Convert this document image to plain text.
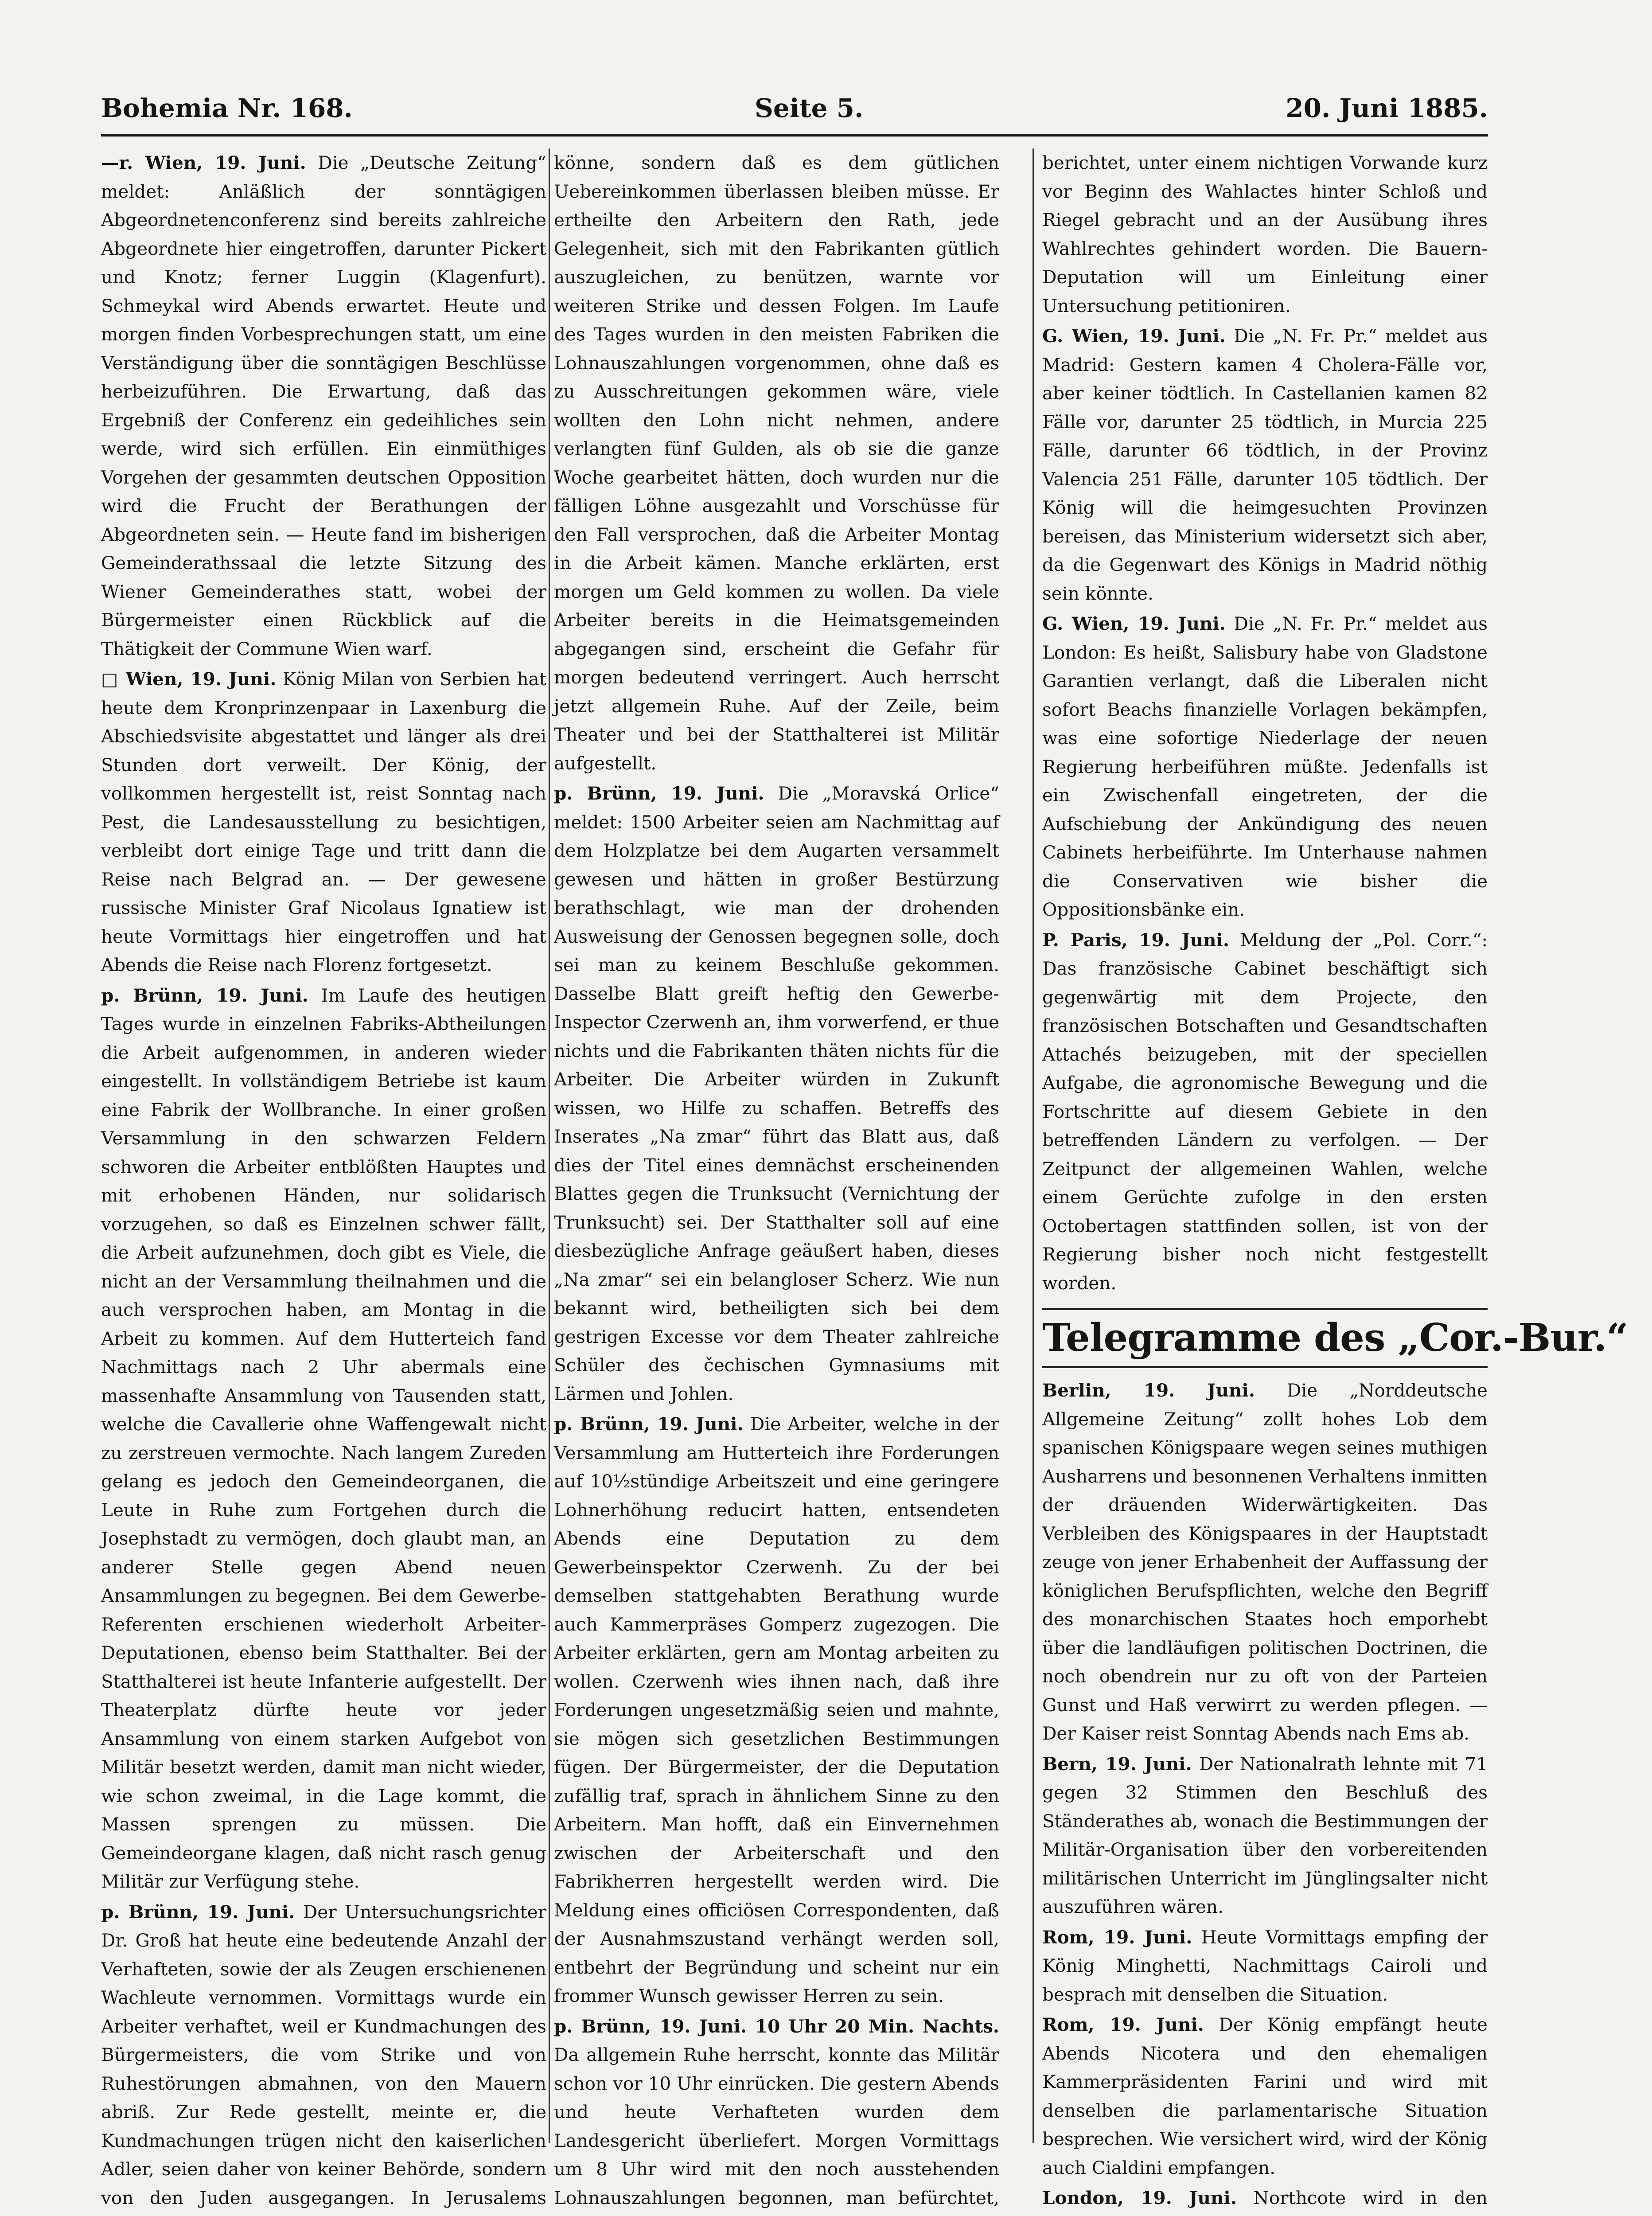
Bohemia Nr. 168.	Seite 5.	20. Juni 1885.

—r. Wien, 19. Juni. Die „Deutsche Zeitung“ meldet: Anläßlich der sonntägigen Abgeordnetenconferenz sind bereits zahlreiche Abgeordnete hier eingetroffen, darunter Pickert und Knotz; ferner Luggin (Klagenfurt). Schmeykal wird Abends erwartet. Heute und morgen finden Vorbesprechungen statt, um eine Verständigung über die sonntägigen Beschlüsse herbeizuführen. Die Erwartung, daß das Ergebniß der Conferenz ein gedeihliches sein werde, wird sich erfüllen. Ein einmüthiges Vorgehen der gesammten deutschen Opposition wird die Frucht der Berathungen der Abgeordneten sein. — Heute fand im bisherigen Gemeinderathssaal die letzte Sitzung des Wiener Gemeinderathes statt, wobei der Bürgermeister einen Rückblick auf die Thätigkeit der Commune Wien warf.

□ Wien, 19. Juni. König Milan von Serbien hat heute dem Kronprinzenpaar in Laxenburg die Abschiedsvisite abgestattet und länger als drei Stunden dort verweilt. Der König, der vollkommen hergestellt ist, reist Sonntag nach Pest, die Landesausstellung zu besichtigen, verbleibt dort einige Tage und tritt dann die Reise nach Belgrad an. — Der gewesene russische Minister Graf Nicolaus Ignatiew ist heute Vormittags hier eingetroffen und hat Abends die Reise nach Florenz fortgesetzt.

p. Brünn, 19. Juni. Im Laufe des heutigen Tages wurde in einzelnen Fabriks-Abtheilungen die Arbeit aufgenommen, in anderen wieder eingestellt. In vollständigem Betriebe ist kaum eine Fabrik der Wollbranche. In einer großen Versammlung in den schwarzen Feldern schworen die Arbeiter entblößten Hauptes und mit erhobenen Händen, nur solidarisch vorzugehen, so daß es Einzelnen schwer fällt, die Arbeit aufzunehmen, doch gibt es Viele, die nicht an der Versammlung theilnahmen und die auch versprochen haben, am Montag in die Arbeit zu kommen. Auf dem Hutterteich fand Nachmittags nach 2 Uhr abermals eine massenhafte Ansammlung von Tausenden statt, welche die Cavallerie ohne Waffengewalt nicht zu zerstreuen vermochte. Nach langem Zureden gelang es jedoch den Gemeindeorganen, die Leute in Ruhe zum Fortgehen durch die Josephstadt zu vermögen, doch glaubt man, an anderer Stelle gegen Abend neuen Ansammlungen zu begegnen. Bei dem Gewerbe-Referenten erschienen wiederholt Arbeiter-Deputationen, ebenso beim Statthalter. Bei der Statthalterei ist heute Infanterie aufgestellt. Der Theaterplatz dürfte heute vor jeder Ansammlung von einem starken Aufgebot von Militär besetzt werden, damit man nicht wieder, wie schon zweimal, in die Lage kommt, die Massen sprengen zu müssen. Die Gemeindeorgane klagen, daß nicht rasch genug Militär zur Verfügung stehe.

p. Brünn, 19. Juni. Der Untersuchungsrichter Dr. Groß hat heute eine bedeutende Anzahl der Verhafteten, sowie der als Zeugen erschienenen Wachleute vernommen. Vormittags wurde ein Arbeiter verhaftet, weil er Kundmachungen des Bürgermeisters, die vom Strike und von Ruhestörungen abmahnen, von den Mauern abriß. Zur Rede gestellt, meinte er, die Kundmachungen trügen nicht den kaiserlichen Adler, seien daher von keiner Behörde, sondern von den Juden ausgegangen. In Jerusalems

könne, sondern daß es dem gütlichen Uebereinkommen überlassen bleiben müsse. Er ertheilte den Arbeitern den Rath, jede Gelegenheit, sich mit den Fabrikanten gütlich auszugleichen, zu benützen, warnte vor weiteren Strike und dessen Folgen. Im Laufe des Tages wurden in den meisten Fabriken die Lohnauszahlungen vorgenommen, ohne daß es zu Ausschreitungen gekommen wäre, viele wollten den Lohn nicht nehmen, andere verlangten fünf Gulden, als ob sie die ganze Woche gearbeitet hätten, doch wurden nur die fälligen Löhne ausgezahlt und Vorschüsse für den Fall versprochen, daß die Arbeiter Montag in die Arbeit kämen. Manche erklärten, erst morgen um Geld kommen zu wollen. Da viele Arbeiter bereits in die Heimatsgemeinden abgegangen sind, erscheint die Gefahr für morgen bedeutend verringert. Auch herrscht jetzt allgemein Ruhe. Auf der Zeile, beim Theater und bei der Statthalterei ist Militär aufgestellt.

p. Brünn, 19. Juni. Die „Moravská Orlice“ meldet: 1500 Arbeiter seien am Nachmittag auf dem Holzplatze bei dem Augarten versammelt gewesen und hätten in großer Bestürzung berathschlagt, wie man der drohenden Ausweisung der Genossen begegnen solle, doch sei man zu keinem Beschluße gekommen. Dasselbe Blatt greift heftig den Gewerbe-Inspector Czerwenh an, ihm vorwerfend, er thue nichts und die Fabrikanten thäten nichts für die Arbeiter. Die Arbeiter würden in Zukunft wissen, wo Hilfe zu schaffen. Betreffs des Inserates „Na zmar“ führt das Blatt aus, daß dies der Titel eines demnächst erscheinenden Blattes gegen die Trunksucht (Vernichtung der Trunksucht) sei. Der Statthalter soll auf eine diesbezügliche Anfrage geäußert haben, dieses „Na zmar“ sei ein belangloser Scherz. Wie nun bekannt wird, betheiligten sich bei dem gestrigen Excesse vor dem Theater zahlreiche Schüler des čechischen Gymnasiums mit Lärmen und Johlen.

p. Brünn, 19. Juni. Die Arbeiter, welche in der Versammlung am Hutterteich ihre Forderungen auf 10½stündige Arbeitszeit und eine geringere Lohnerhöhung reducirt hatten, entsendeten Abends eine Deputation zu dem Gewerbeinspektor Czerwenh. Zu der bei demselben stattgehabten Berathung wurde auch Kammerpräses Gomperz zugezogen. Die Arbeiter erklärten, gern am Montag arbeiten zu wollen. Czerwenh wies ihnen nach, daß ihre Forderungen ungesetzmäßig seien und mahnte, sie mögen sich gesetzlichen Bestimmungen fügen. Der Bürgermeister, der die Deputation zufällig traf, sprach in ähnlichem Sinne zu den Arbeitern. Man hofft, daß ein Einvernehmen zwischen der Arbeiterschaft und den Fabrikherren hergestellt werden wird. Die Meldung eines officiösen Correspondenten, daß der Ausnahmszustand verhängt werden soll, entbehrt der Begründung und scheint nur ein frommer Wunsch gewisser Herren zu sein.

p. Brünn, 19. Juni. 10 Uhr 20 Min. Nachts. Da allgemein Ruhe herrscht, konnte das Militär schon vor 10 Uhr einrücken. Die gestern Abends und heute Verhafteten wurden dem Landesgericht überliefert. Morgen Vormittags um 8 Uhr wird mit den noch ausstehenden Lohnauszahlungen begonnen, man befürchtet,

berichtet, unter einem nichtigen Vorwande kurz vor Beginn des Wahlactes hinter Schloß und Riegel gebracht und an der Ausübung ihres Wahlrechtes gehindert worden. Die Bauern-Deputation will um Einleitung einer Untersuchung petitioniren.

G. Wien, 19. Juni. Die „N. Fr. Pr.“ meldet aus Madrid: Gestern kamen 4 Cholera-Fälle vor, aber keiner tödtlich. In Castellanien kamen 82 Fälle vor, darunter 25 tödtlich, in Murcia 225 Fälle, darunter 66 tödtlich, in der Provinz Valencia 251 Fälle, darunter 105 tödtlich. Der König will die heimgesuchten Provinzen bereisen, das Ministerium widersetzt sich aber, da die Gegenwart des Königs in Madrid nöthig sein könnte.

G. Wien, 19. Juni. Die „N. Fr. Pr.“ meldet aus London: Es heißt, Salisbury habe von Gladstone Garantien verlangt, daß die Liberalen nicht sofort Beachs finanzielle Vorlagen bekämpfen, was eine sofortige Niederlage der neuen Regierung herbeiführen müßte. Jedenfalls ist ein Zwischenfall eingetreten, der die Aufschiebung der Ankündigung des neuen Cabinets herbeiführte. Im Unterhause nahmen die Conservativen wie bisher die Oppositionsbänke ein.

P. Paris, 19. Juni. Meldung der „Pol. Corr.“: Das französische Cabinet beschäftigt sich gegenwärtig mit dem Projecte, den französischen Botschaften und Gesandtschaften Attachés beizugeben, mit der speciellen Aufgabe, die agronomische Bewegung und die Fortschritte auf diesem Gebiete in den betreffenden Ländern zu verfolgen. — Der Zeitpunct der allgemeinen Wahlen, welche einem Gerüchte zufolge in den ersten Octobertagen stattfinden sollen, ist von der Regierung bisher noch nicht festgestellt worden.

Telegramme des „Cor.-Bur.“

Berlin, 19. Juni. Die „Norddeutsche Allgemeine Zeitung“ zollt hohes Lob dem spanischen Königspaare wegen seines muthigen Ausharrens und besonnenen Verhaltens inmitten der dräuenden Widerwärtigkeiten. Das Verbleiben des Königspaares in der Hauptstadt zeuge von jener Erhabenheit der Auffassung der königlichen Berufspflichten, welche den Begriff des monarchischen Staates hoch emporhebt über die landläufigen politischen Doctrinen, die noch obendrein nur zu oft von der Parteien Gunst und Haß verwirrt zu werden pflegen. — Der Kaiser reist Sonntag Abends nach Ems ab.

Bern, 19. Juni. Der Nationalrath lehnte mit 71 gegen 32 Stimmen den Beschluß des Ständerathes ab, wonach die Bestimmungen der Militär-Organisation über den vorbereitenden militärischen Unterricht im Jünglingsalter nicht auszuführen wären.

Rom, 19. Juni. Heute Vormittags empfing der König Minghetti, Nachmittags Cairoli und besprach mit denselben die Situation.

Rom, 19. Juni. Der König empfängt heute Abends Nicotera und den ehemaligen Kammerpräsidenten Farini und wird mit denselben die parlamentarische Situation besprechen. Wie versichert wird, wird der König auch Cialdini empfangen.

London, 19. Juni. Northcote wird in den
